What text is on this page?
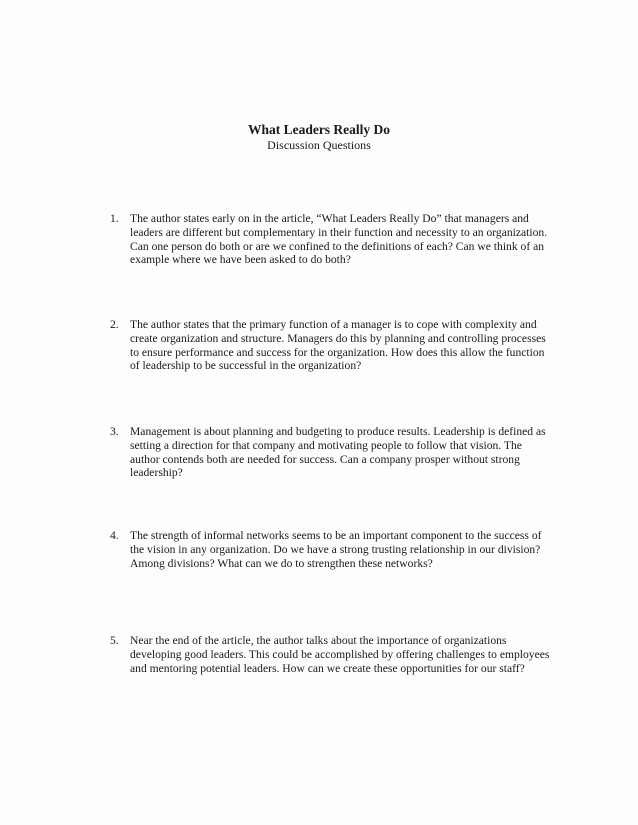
What Leaders Really Do

Discussion Questions

1. The author states early on in the article, “What Leaders Really Do” that managers and leaders are different but complementary in their function and necessity to an organization. Can one person do both or are we confined to the definitions of each? Can we think of an example where we have been asked to do both?
2. The author states that the primary function of a manager is to cope with complexity and create organization and structure. Managers do this by planning and controlling processes to ensure performance and success for the organization. How does this allow the function of leadership to be successful in the organization?
3. Management is about planning and budgeting to produce results. Leadership is defined as setting a direction for that company and motivating people to follow that vision. The author contends both are needed for success. Can a company prosper without strong leadership?
4. The strength of informal networks seems to be an important component to the success of the vision in any organization. Do we have a strong trusting relationship in our division? Among divisions? What can we do to strengthen these networks?
5. Near the end of the article, the author talks about the importance of organizations developing good leaders. This could be accomplished by offering challenges to employees and mentoring potential leaders. How can we create these opportunities for our staff?
